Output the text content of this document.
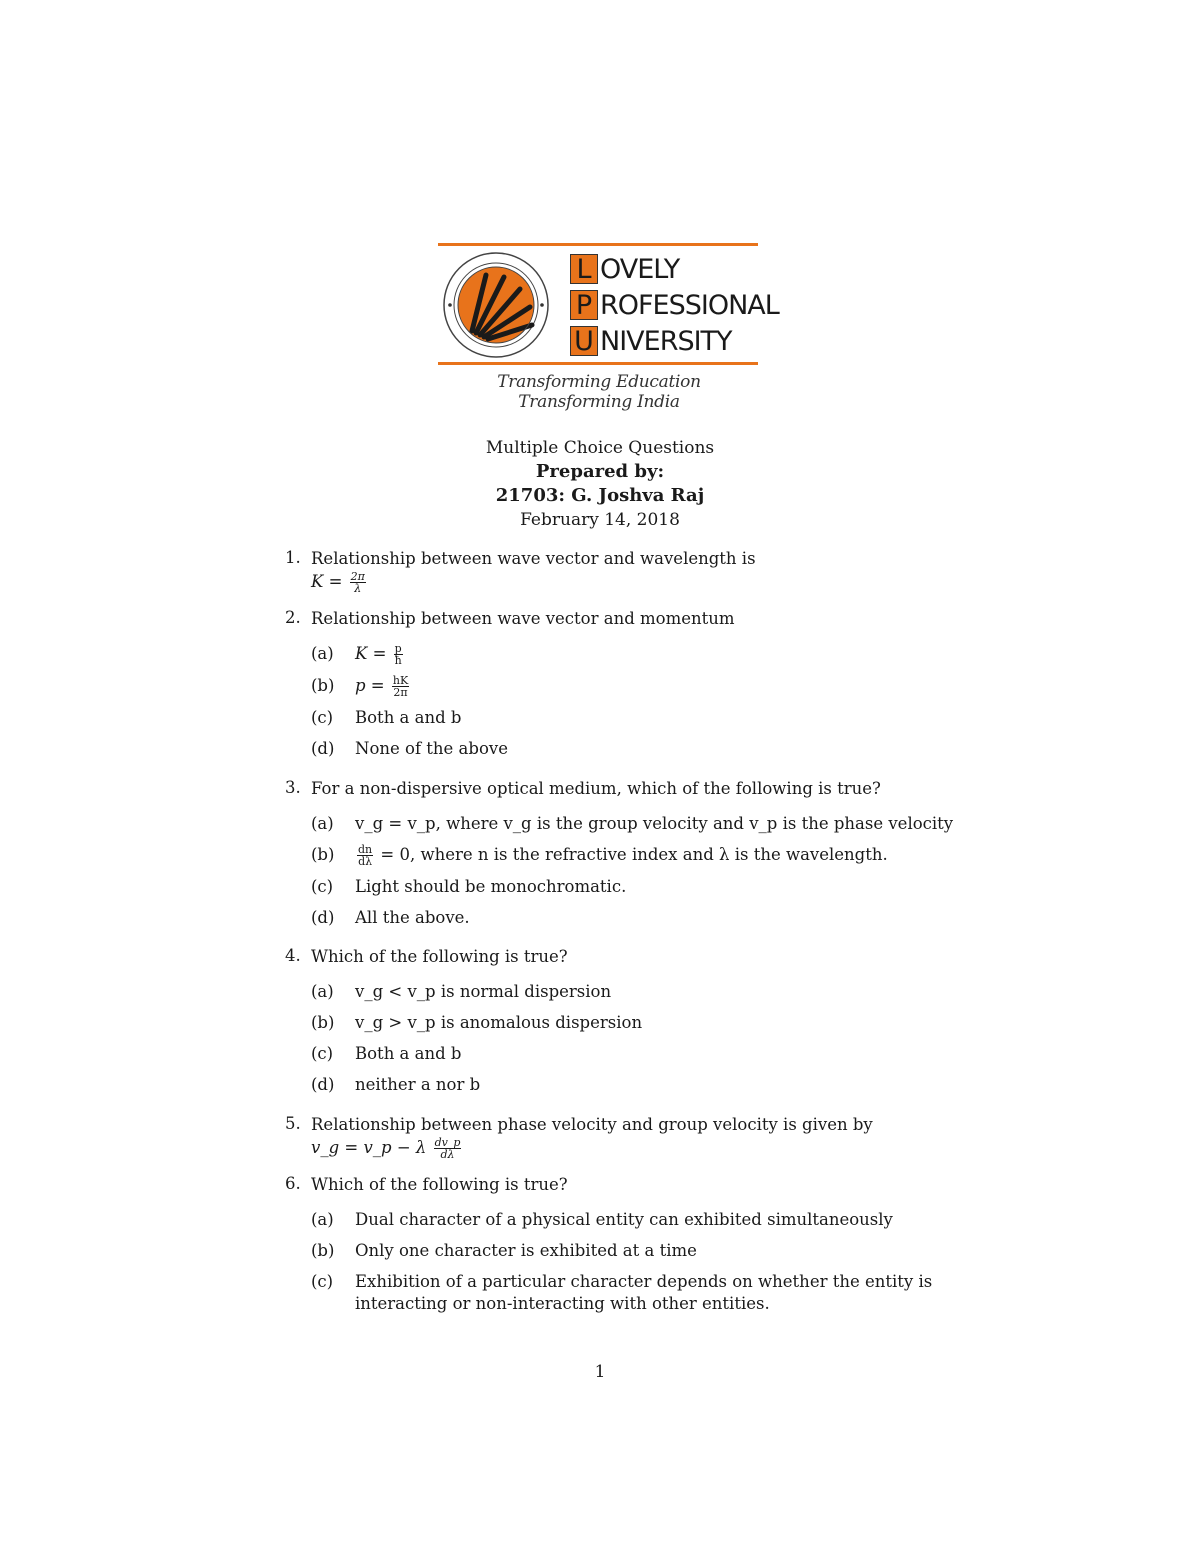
L OVELY
P ROFESSIONAL
U NIVERSITY
Transforming Education Transforming India
Multiple Choice Questions
Prepared by:
21703: G. Joshva Raj
February 14, 2018
1. Relationship between wave vector and wavelength is
$K = \frac{2\pi}{\lambda}$
2. Relationship between wave vector and momentum
(a) $K = \frac{p}{ħ}$
(b) $p = \frac{hK}{2\pi}$
(c) Both a and b
(d) None of the above
3. For a non-dispersive optical medium, which of the following is true?
(a) v_g = v_p, where v_g is the group velocity and v_p is the phase velocity
$(b) \frac{dn}{d\lambda} = 0$, where n is the refractive index and λ is the wavelength.
(c) Light should be monochromatic.
(d) All the above.
4. Which of the following is true?
(a) v_g < v_p is normal dispersion
(b) v_g > v_p is anomalous dispersion
(c) Both a and b
(d) neither a nor b
5. Relationship between phase velocity and group velocity is given by
v_g = v_p − λ $\frac{dv\_p}{d\lambda}$
6. Which of the following is true?
(a) Dual character of a physical entity can exhibited simultaneously
(b) Only one character is exhibited at a time
(c) Exhibition of a particular character depends on whether the entity is interacting or non-interacting with other entities.
1
